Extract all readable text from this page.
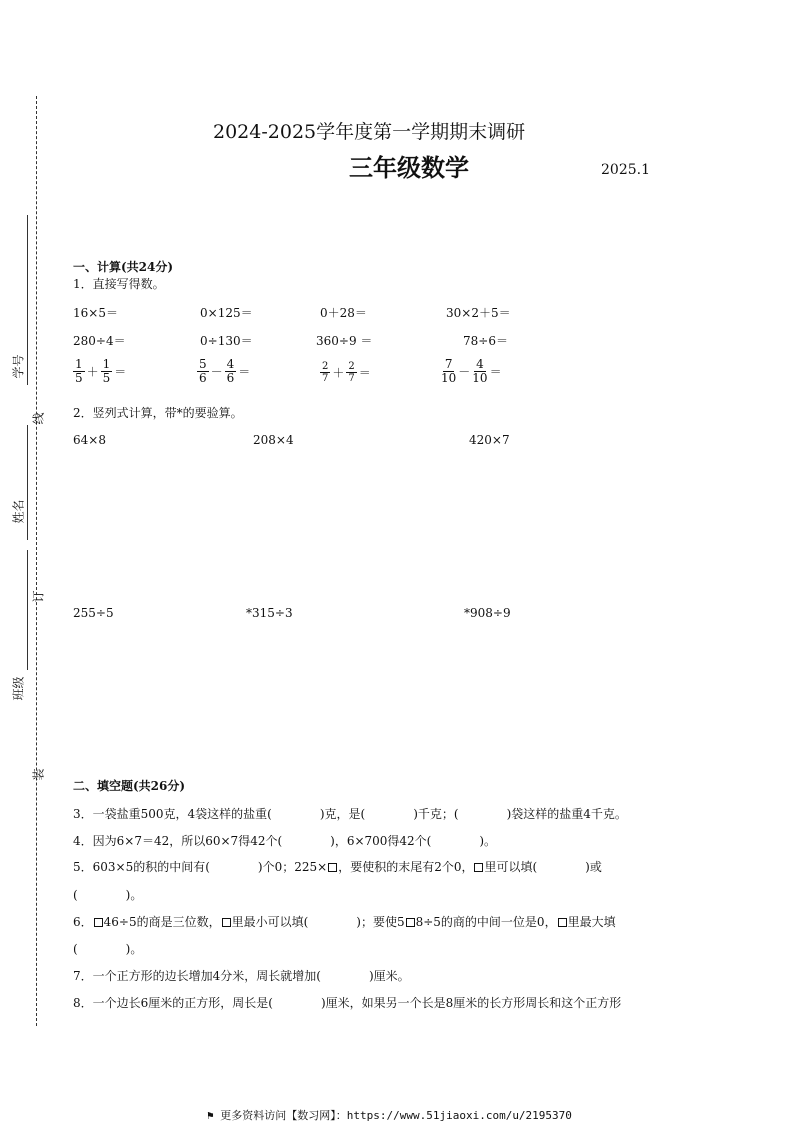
学号
姓名
班级
线
订
装
2024-2025学年度第一学期期末调研
三年级数学	2025.1
一、计算(共24分)
1．直接写得数。
16×5＝	0×125＝	0＋28＝	30×2＋5＝
280÷4＝	0÷130＝	360÷9 ＝	78÷6＝
$\frac{1}{5} + \frac{1}{5}$ ＝	$\frac{5}{6} - \frac{4}{6}$ ＝	$\frac{2}{7} + \frac{2}{7}$ ＝	$\frac{7}{10} - \frac{4}{10}$ ＝
2．竖列式计算，带*的要验算。
64×8	208×4	420×7
255÷5	*315÷3	*908÷9
二、填空题(共26分)
3．一袋盐重500克，4袋这样的盐重(　　　　)克，是(　　　　)千克；(　　　　)袋这样的盐重4千克。
4．因为6×7＝42，所以60×7得42个(　　　　)，6×700得42个(　　　　)。
5．603×5的积的中间有(　　　　)个0；225× ，要使积的末尾有2个0， 里可以填(　　　　)或
(　　　　)。
6． 46÷5的商是三位数， 里最小可以填(　　　　)；要使5 8÷5的商的中间一位是0， 里最大填
(　　　　)。
7．一个正方形的边长增加4分米，周长就增加(　　　　)厘米。
8．一个边长6厘米的正方形，周长是(　　　　)厘米，如果另一个长是8厘米的长方形周长和这个正方形
⚑ 更多资料访问【数习网】：https://www.51jiaoxi.com/u/2195370
